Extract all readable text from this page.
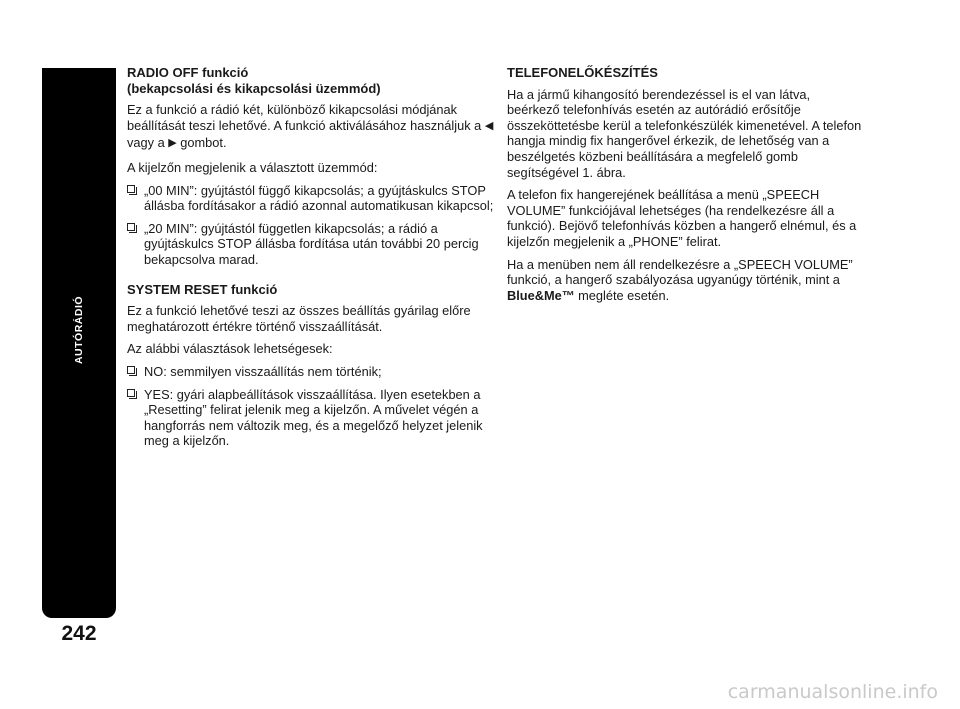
AUTÓRÁDIÓ
242
RADIO OFF funkció
(bekapcsolási és kikapcsolási üzemmód)

Ez a funkció a rádió két, különböző kikapcsolási módjának beállítását teszi lehetővé. A funkció aktiválásához használjuk a ◀ vagy a ▶ gombot.

A kijelzőn megjelenik a választott üzemmód:

„00 MIN”: gyújtástól függő kikapcsolás; a gyújtáskulcs STOP állásba fordításakor a rádió azonnal automatikusan kikapcsol;
„20 MIN”: gyújtástól független kikapcsolás; a rádió a gyújtáskulcs STOP állásba fordítása után további 20 percig bekapcsolva marad.
SYSTEM RESET funkció

Ez a funkció lehetővé teszi az összes beállítás gyárilag előre meghatározott értékre történő visszaállítását.

Az alábbi választások lehetségesek:

NO: semmilyen visszaállítás nem történik;
YES: gyári alapbeállítások visszaállítása. Ilyen esetekben a „Resetting” felirat jelenik meg a kijelzőn. A művelet végén a hangforrás nem változik meg, és a megelőző helyzet jelenik meg a kijelzőn.
TELEFONELŐKÉSZÍTÉS

Ha a jármű kihangosító berendezéssel is el van látva, beérkező telefonhívás esetén az autórádió erősítője összeköttetésbe kerül a telefonkészülék kimenetével. A telefon hangja mindig fix hangerővel érkezik, de lehetőség van a beszélgetés közbeni beállítására a megfelelő gomb segítségével 1. ábra.

A telefon fix hangerejének beállítása a menü „SPEECH VOLUME” funkciójával lehetséges (ha rendelkezésre áll a funkció). Bejövő telefonhívás közben a hangerő elnémul, és a kijelzőn megjelenik a „PHONE” felirat.

Ha a menüben nem áll rendelkezésre a „SPEECH VOLUME” funkció, a hangerő szabályozása ugyanúgy történik, mint a Blue&Me™ megléte esetén.

carmanualsonline.info
